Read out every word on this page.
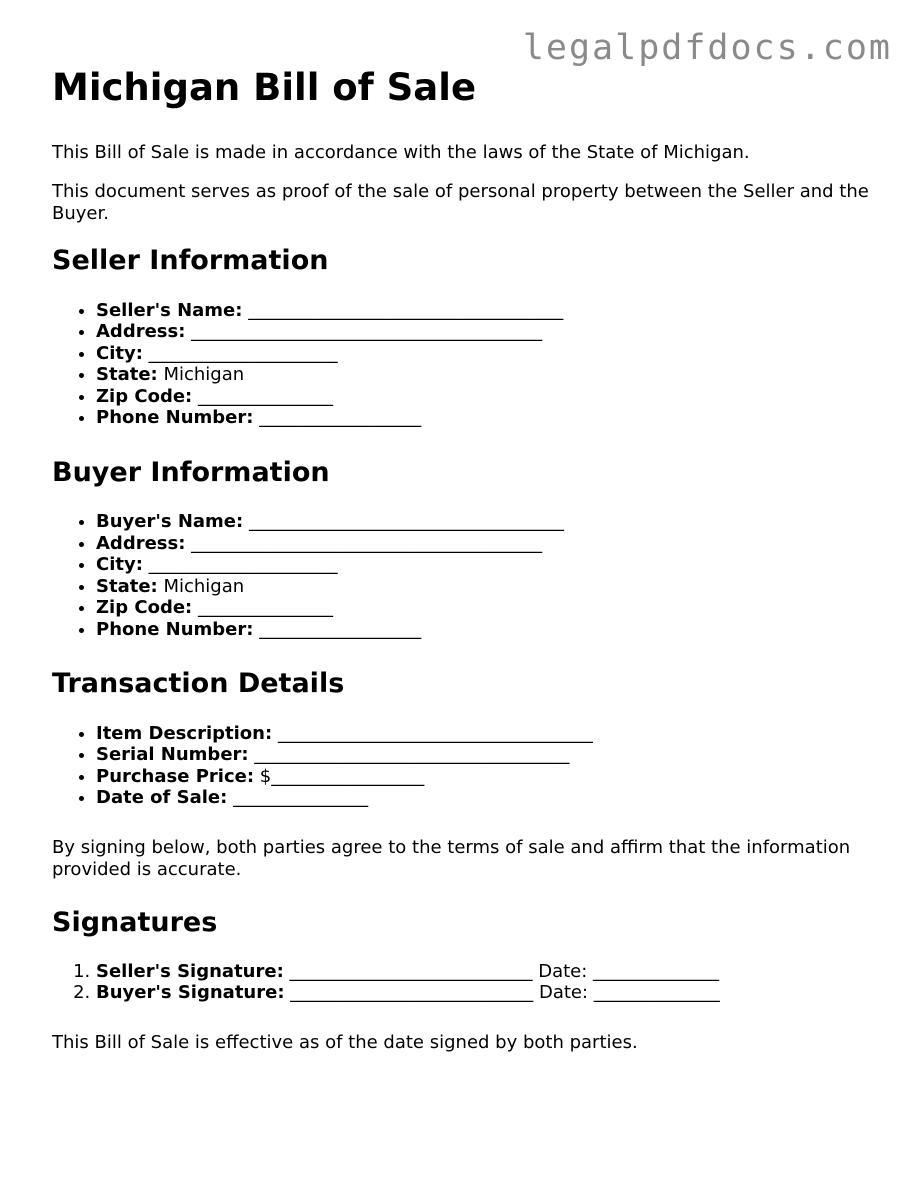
legalpdfdocs.com
Michigan Bill of Sale

This Bill of Sale is made in accordance with the laws of the State of Michigan.

This document serves as proof of the sale of personal property between the Seller and the Buyer.

Seller Information
• Seller's Name: ___________________________________
• Address: _______________________________________
• City: _____________________
• State: Michigan
• Zip Code: _______________
• Phone Number: __________________
Buyer Information
• Buyer's Name: ___________________________________
• Address: _______________________________________
• City: _____________________
• State: Michigan
• Zip Code: _______________
• Phone Number: __________________
Transaction Details
• Item Description: ___________________________________
• Serial Number: ___________________________________
• Purchase Price: $_________________
• Date of Sale: _______________

By signing below, both parties agree to the terms of sale and affirm that the information provided is accurate.

Signatures
1. Seller's Signature: ___________________________ Date: ______________
2. Buyer's Signature: ___________________________ Date: ______________

This Bill of Sale is effective as of the date signed by both parties.
